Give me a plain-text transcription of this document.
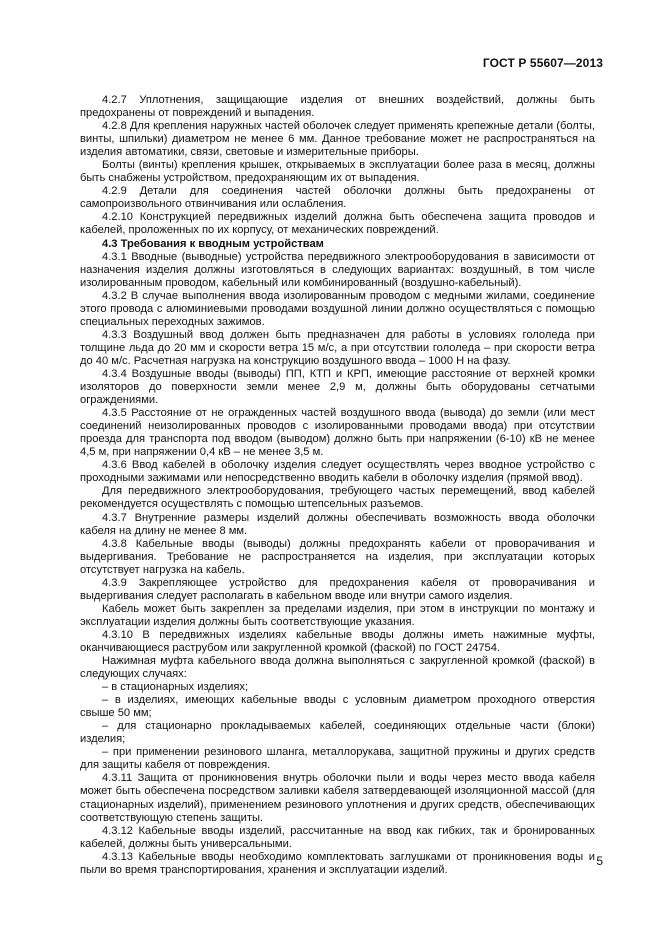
ГОСТ Р 55607—2013

4.2.7 Уплотнения, защищающие изделия от внешних воздействий, должны быть предохранены от повреждений и выпадения.

4.2.8 Для крепления наружных частей оболочек следует применять крепежные детали (болты, винты, шпильки) диаметром не менее 6 мм. Данное требование может не распространяться на изделия автоматики, связи, световые и измерительные приборы.

Болты (винты) крепления крышек, открываемых в эксплуатации более раза в месяц, должны быть снабжены устройством, предохраняющим их от выпадения.

4.2.9 Детали для соединения частей оболочки должны быть предохранены от самопроизвольного отвинчивания или ослабления.

4.2.10 Конструкцией передвижных изделий должна быть обеспечена защита проводов и кабелей, проложенных по их корпусу, от механических повреждений.

4.3 Требования к вводным устройствам

4.3.1 Вводные (выводные) устройства передвижного электрооборудования в зависимости от назначения изделия должны изготовляться в следующих вариантах: воздушный, в том числе изолированным проводом, кабельный или комбинированный (воздушно-кабельный).

4.3.2 В случае выполнения ввода изолированным проводом с медными жилами, соединение этого провода с алюминиевыми проводами воздушной линии должно осуществляться с помощью специальных переходных зажимов.

4.3.3 Воздушный ввод должен быть предназначен для работы в условиях гололеда при толщине льда до 20 мм и скорости ветра 15 м/с, а при отсутствии гололеда – при скорости ветра до 40 м/с. Расчетная нагрузка на конструкцию воздушного ввода – 1000 Н на фазу.

4.3.4 Воздушные вводы (выводы) ПП, КТП и КРП, имеющие расстояние от верхней кромки изоляторов до поверхности земли менее 2,9 м, должны быть оборудованы сетчатыми ограждениями.

4.3.5 Расстояние от не огражденных частей воздушного ввода (вывода) до земли (или мест соединений неизолированных проводов с изолированными проводами ввода) при отсутствии проезда для транспорта под вводом (выводом) должно быть при напряжении (6-10) кВ не менее 4,5 м, при напряжении 0,4 кВ – не менее 3,5 м.

4.3.6 Ввод кабелей в оболочку изделия следует осуществлять через вводное устройство с проходными зажимами или непосредственно вводить кабели в оболочку изделия (прямой ввод).

Для передвижного электрооборудования, требующего частых перемещений, ввод кабелей рекомендуется осуществлять с помощью штепсельных разъемов.

4.3.7 Внутренние размеры изделий должны обеспечивать возможность ввода оболочки кабеля на длину не менее 8 мм.

4.3.8 Кабельные вводы (выводы) должны предохранять кабели от проворачивания и выдергивания. Требование не распространяется на изделия, при эксплуатации которых отсутствует нагрузка на кабель.

4.3.9 Закрепляющее устройство для предохранения кабеля от проворачивания и выдергивания следует располагать в кабельном вводе или внутри самого изделия.

Кабель может быть закреплен за пределами изделия, при этом в инструкции по монтажу и эксплуатации изделия должны быть соответствующие указания.

4.3.10 В передвижных изделиях кабельные вводы должны иметь нажимные муфты, оканчивающиеся раструбом или закругленной кромкой (фаской) по ГОСТ 24754.

Нажимная муфта кабельного ввода должна выполняться с закругленной кромкой (фаской) в следующих случаях:

– в стационарных изделиях;

– в изделиях, имеющих кабельные вводы с условным диаметром проходного отверстия свыше 50 мм;

– для стационарно прокладываемых кабелей, соединяющих отдельные части (блоки) изделия;

– при применении резинового шланга, металлорукава, защитной пружины и других средств для защиты кабеля от повреждения.

4.3.11 Защита от проникновения внутрь оболочки пыли и воды через место ввода кабеля может быть обеспечена посредством заливки кабеля затвердевающей изоляционной массой (для стационарных изделий), применением резинового уплотнения и других средств, обеспечивающих соответствующую степень защиты.

4.3.12 Кабельные вводы изделий, рассчитанные на ввод как гибких, так и бронированных кабелей, должны быть универсальными.

4.3.13 Кабельные вводы необходимо комплектовать заглушками от проникновения воды и пыли во время транспортирования, хранения и эксплуатации изделий.

5
